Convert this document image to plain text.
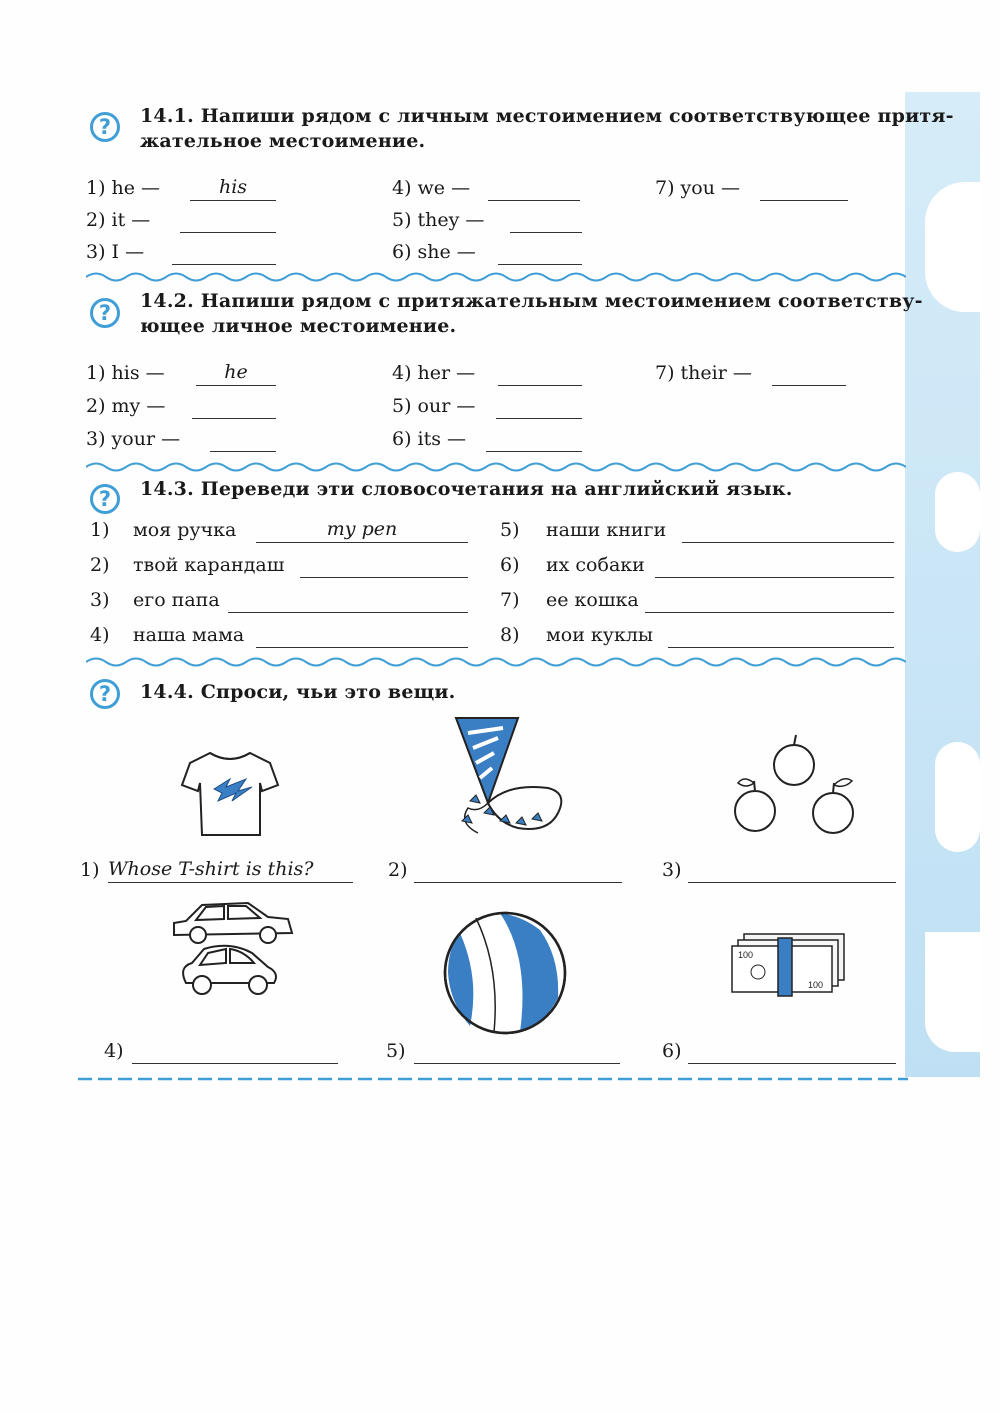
?	14.1. Напиши рядом с личным местоимением соответствующее притя-
жательное местоимение.
1) he —	his
2) it —
3) I —
4) we —
5) they —
6) she —
7) you —
?	14.2. Напиши рядом с притяжательным местоимением соответству-
ющее личное местоимение.
1) his —	he
2) my —
3) your —
4) her —
5) our —
6) its —
7) their —
?	14.3. Переведи эти словосочетания на английский язык.
1) моя ручка	my pen
2) твой карандаш
3) его папа
4) наша мама
5) наши книги
6) их собаки
7) ее кошка
8) мои куклы
?	14.4. Спроси, чьи это вещи.
1) Whose T-shirt is this?	2)	3)
100
100
4)	5)	6)
